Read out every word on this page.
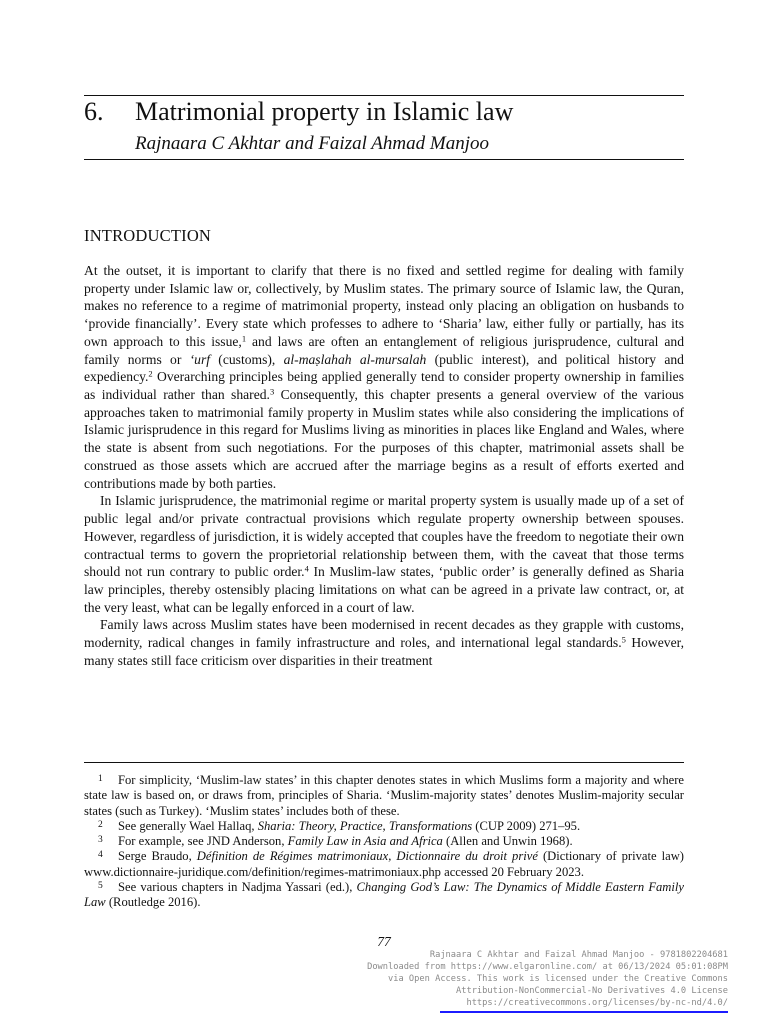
6. Matrimonial property in Islamic law
Rajnaara C Akhtar and Faizal Ahmad Manjoo
INTRODUCTION

At the outset, it is important to clarify that there is no fixed and settled regime for dealing with family property under Islamic law or, collectively, by Muslim states. The primary source of Islamic law, the Quran, makes no reference to a regime of matrimonial property, instead only placing an obligation on husbands to ‘provide financially’. Every state which professes to adhere to ‘Sharia’ law, either fully or partially, has its own approach to this issue,$^1$ and laws are often an entanglement of religious jurisprudence, cultural and family norms or ‘urf (customs), al-maṣlahah al-mursalah (public interest), and political history and expediency.$^2$ Overarching principles being applied generally tend to consider property ownership in families as individual rather than shared.$^3$ Consequently, this chapter presents a general overview of the various approaches taken to matrimonial family property in Muslim states while also considering the implications of Islamic jurisprudence in this regard for Muslims living as minorities in places like England and Wales, where the state is absent from such negotiations. For the purposes of this chapter, matrimonial assets shall be construed as those assets which are accrued after the marriage begins as a result of efforts exerted and contributions made by both parties.

In Islamic jurisprudence, the matrimonial regime or marital property system is usually made up of a set of public legal and/or private contractual provisions which regulate property ownership between spouses. However, regardless of jurisdiction, it is widely accepted that couples have the freedom to negotiate their own contractual terms to govern the proprietorial relationship between them, with the caveat that those terms should not run contrary to public order.$^4$ In Muslim-law states, ‘public order’ is generally defined as Sharia law principles, thereby ostensibly placing limitations on what can be agreed in a private law contract, or, at the very least, what can be legally enforced in a court of law.

Family laws across Muslim states have been modernised in recent decades as they grapple with customs, modernity, radical changes in family infrastructure and roles, and international legal standards.$^5$ However, many states still face criticism over disparities in their treatment

1 For simplicity, ‘Muslim-law states’ in this chapter denotes states in which Muslims form a majority and where state law is based on, or draws from, principles of Sharia. ‘Muslim-majority states’ denotes Muslim-majority secular states (such as Turkey). ‘Muslim states’ includes both of these.
2 See generally Wael Hallaq, Sharia: Theory, Practice, Transformations (CUP 2009) 271–95.
3 For example, see JND Anderson, Family Law in Asia and Africa (Allen and Unwin 1968).
4 Serge Braudo, Définition de Régimes matrimoniaux, Dictionnaire du droit privé (Dictionary of private law) www.dictionnaire-juridique.com/definition/regimes-matrimoniaux.php accessed 20 February 2023.
5 See various chapters in Nadjma Yassari (ed.), Changing God’s Law: The Dynamics of Middle Eastern Family Law (Routledge 2016).
77
Rajnaara C Akhtar and Faizal Ahmad Manjoo - 9781802204681
Downloaded from https://www.elgaronline.com/ at 06/13/2024 05:01:08PM
via Open Access. This work is licensed under the Creative Commons
Attribution-NonCommercial-No Derivatives 4.0 License
https://creativecommons.org/licenses/by-nc-nd/4.0/
